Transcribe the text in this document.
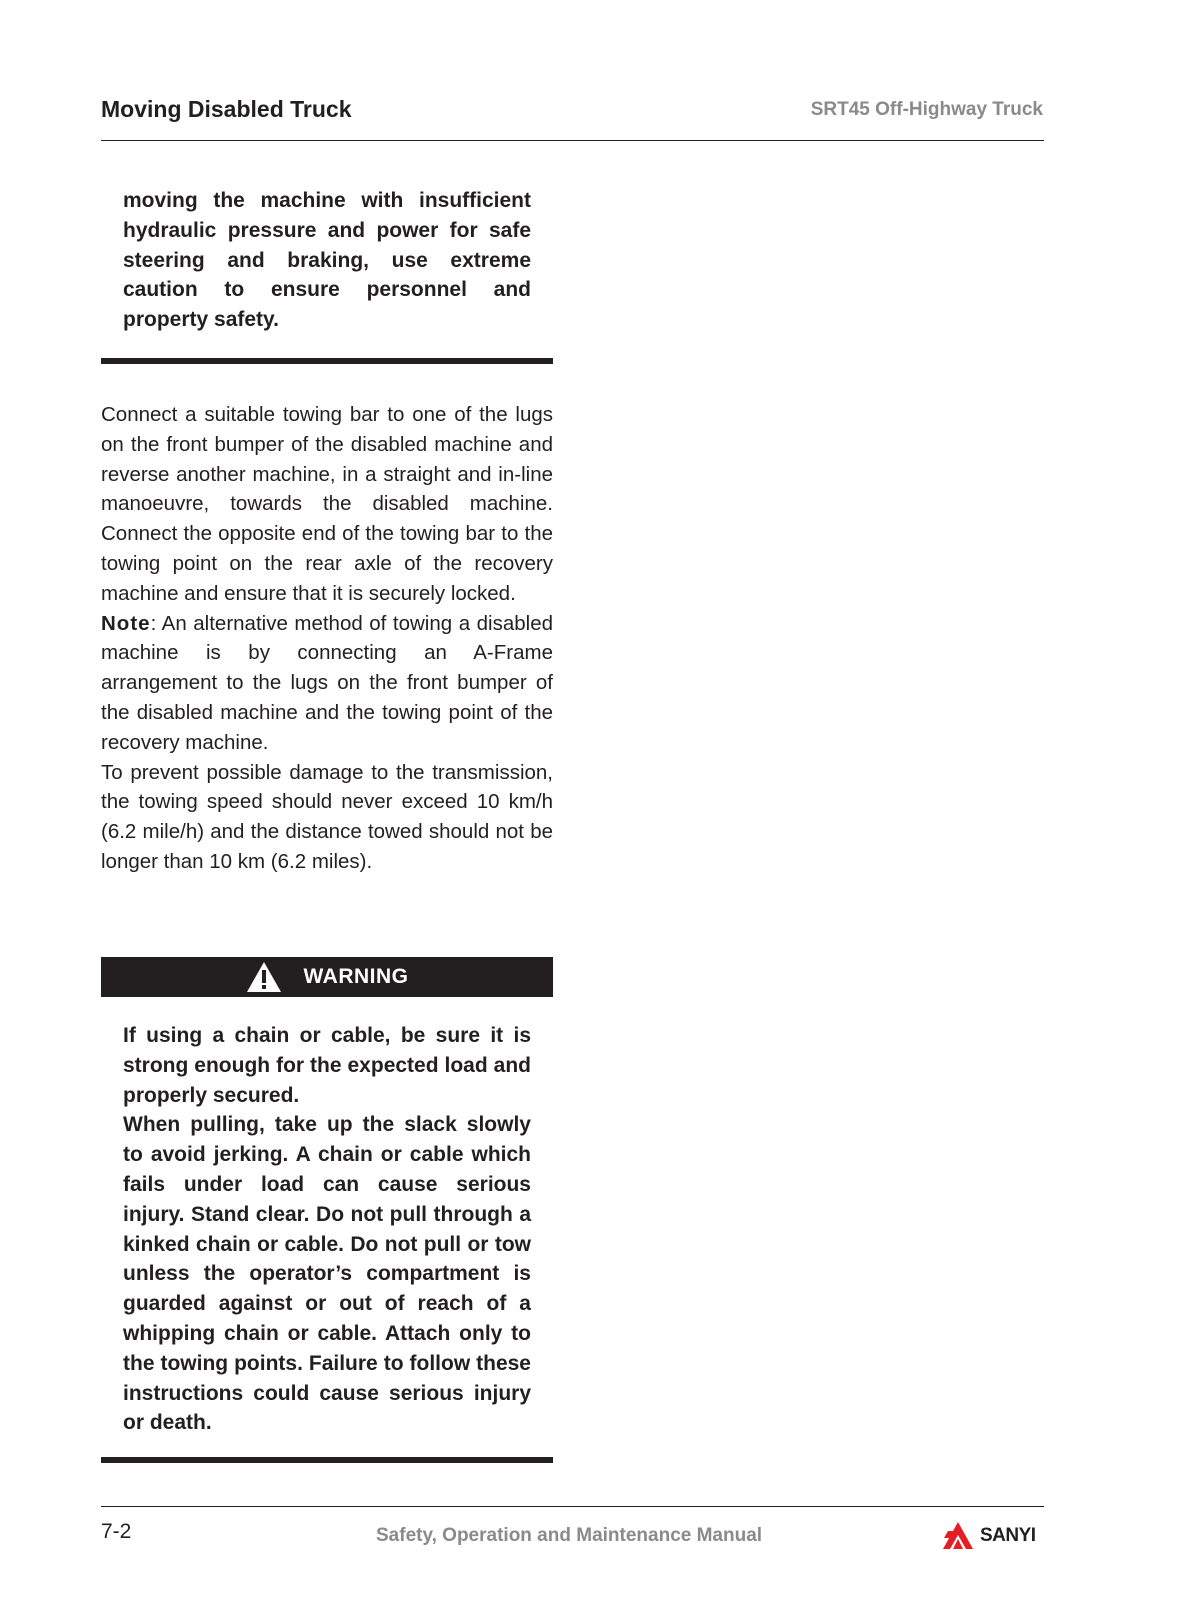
Moving Disabled Truck	SRT45 Off-Highway Truck

moving the machine with insufficient hydraulic pressure and power for safe steering and braking, use extreme caution to ensure personnel and property safety.

Connect a suitable towing bar to one of the lugs on the front bumper of the disabled machine and reverse another machine, in a straight and in-line manoeuvre, towards the disabled machine. Connect the opposite end of the towing bar to the towing point on the rear axle of the recovery machine and ensure that it is securely locked.

Note: An alternative method of towing a disabled machine is by connecting an A-Frame arrangement to the lugs on the front bumper of the disabled machine and the towing point of the recovery machine.

To prevent possible damage to the transmission, the towing speed should never exceed 10 km/h (6.2 mile/h) and the distance towed should not be longer than 10 km (6.2 miles).

WARNING

If using a chain or cable, be sure it is strong enough for the expected load and properly secured.

When pulling, take up the slack slowly to avoid jerking. A chain or cable which fails under load can cause serious injury. Stand clear. Do not pull through a kinked chain or cable. Do not pull or tow unless the operator’s compartment is guarded against or out of reach of a whipping chain or cable. Attach only to the towing points. Failure to follow these instructions could cause serious injury or death.

7-2	Safety, Operation and Maintenance Manual	SANYI
